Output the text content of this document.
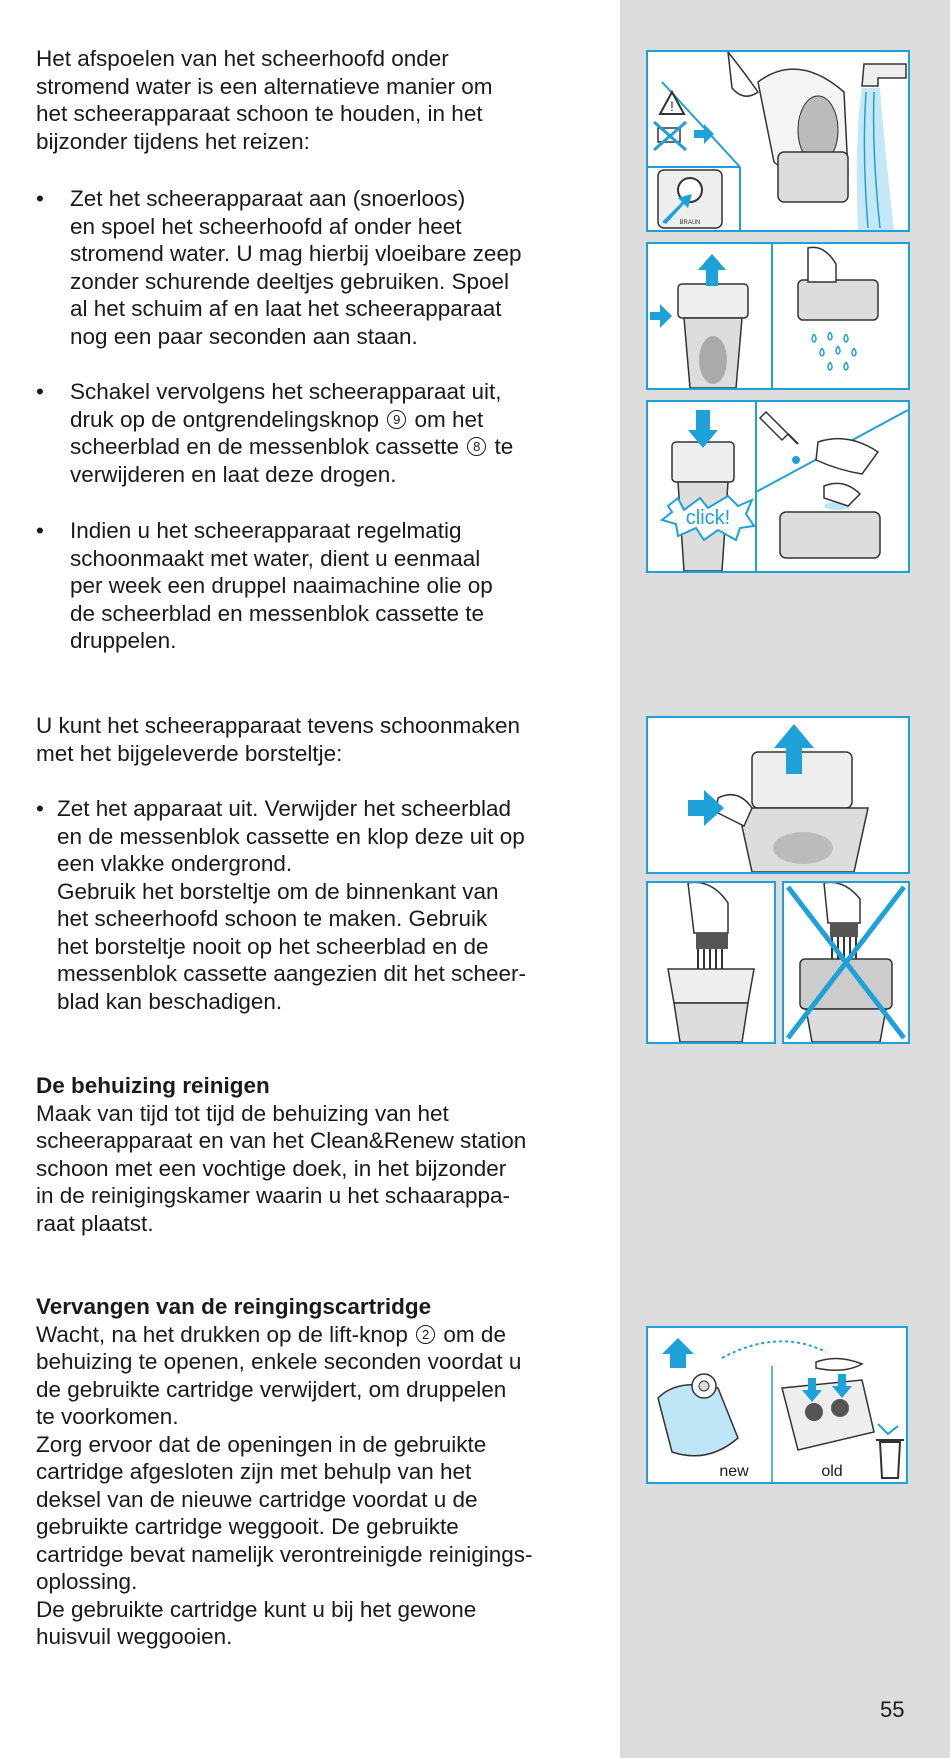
Het afspoelen van het scheerhoofd onder
stromend water is een alternatieve manier om
het scheerapparaat schoon te houden, in het
bijzonder tijdens het reizen:

• Zet het scheerapparaat aan (snoerloos)
en spoel het scheerhoofd af onder heet
stromend water. U mag hierbij vloeibare zeep
zonder schurende deeltjes gebruiken. Spoel
al het schuim af en laat het scheerapparaat
nog een paar seconden aan staan.

• Schakel vervolgens het scheerapparaat uit,
druk op de ontgrendelingsknop 9 om het
scheerblad en de messenblok cassette 8 te
verwijderen en laat deze drogen.

• Indien u het scheerapparaat regelmatig
schoonmaakt met water, dient u eenmaal
per week een druppel naaimachine olie op
de scheerblad en messenblok cassette te
druppelen.

U kunt het scheerapparaat tevens schoonmaken
met het bijgeleverde borsteltje:

• Zet het apparaat uit. Verwijder het scheerblad
en de messenblok cassette en klop deze uit op
een vlakke ondergrond.
Gebruik het borsteltje om de binnenkant van
het scheerhoofd schoon te maken. Gebruik
het borsteltje nooit op het scheerblad en de
messenblok cassette aangezien dit het scheer-
blad kan beschadigen.

De behuizing reinigen
Maak van tijd tot tijd de behuizing van het
scheerapparaat en van het Clean&Renew station
schoon met een vochtige doek, in het bijzonder
in de reinigingskamer waarin u het schaarappa-
raat plaatst.

Vervangen van de reingingscartridge
Wacht, na het drukken op de lift-knop 2 om de
behuizing te openen, enkele seconden voordat u
de gebruikte cartridge verwijdert, om druppelen
te voorkomen.
Zorg ervoor dat de openingen in de gebruikte
cartridge afgesloten zijn met behulp van het
deksel van de nieuwe cartridge voordat u de
gebruikte cartridge weggooit. De gebruikte
cartridge bevat namelijk verontreinigde reinigings-
oplossing.
De gebruikte cartridge kunt u bij het gewone
huisvuil weggooien.

!
BRAUN
click!
new	old
55
